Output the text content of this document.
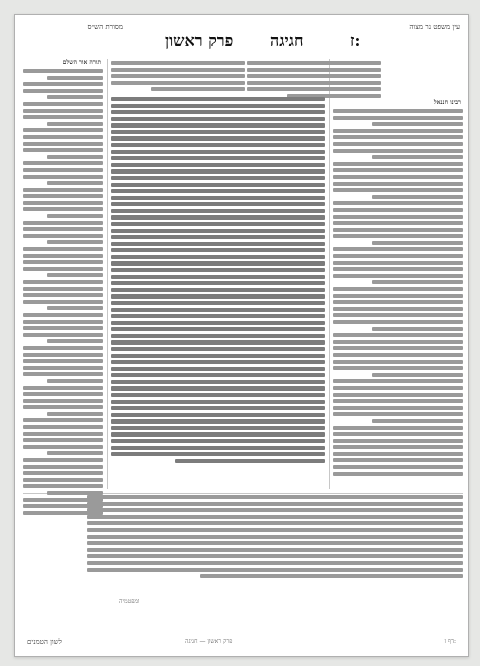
מסורת הש״ס
פרק ראשון חגיגה	ז:
עין משפט נר מצוה
תורה אור השלם
רבינו חננאל
ומפטמיה
לשון הטמנים	פרק ראשון — חגיגה	דף ז:
